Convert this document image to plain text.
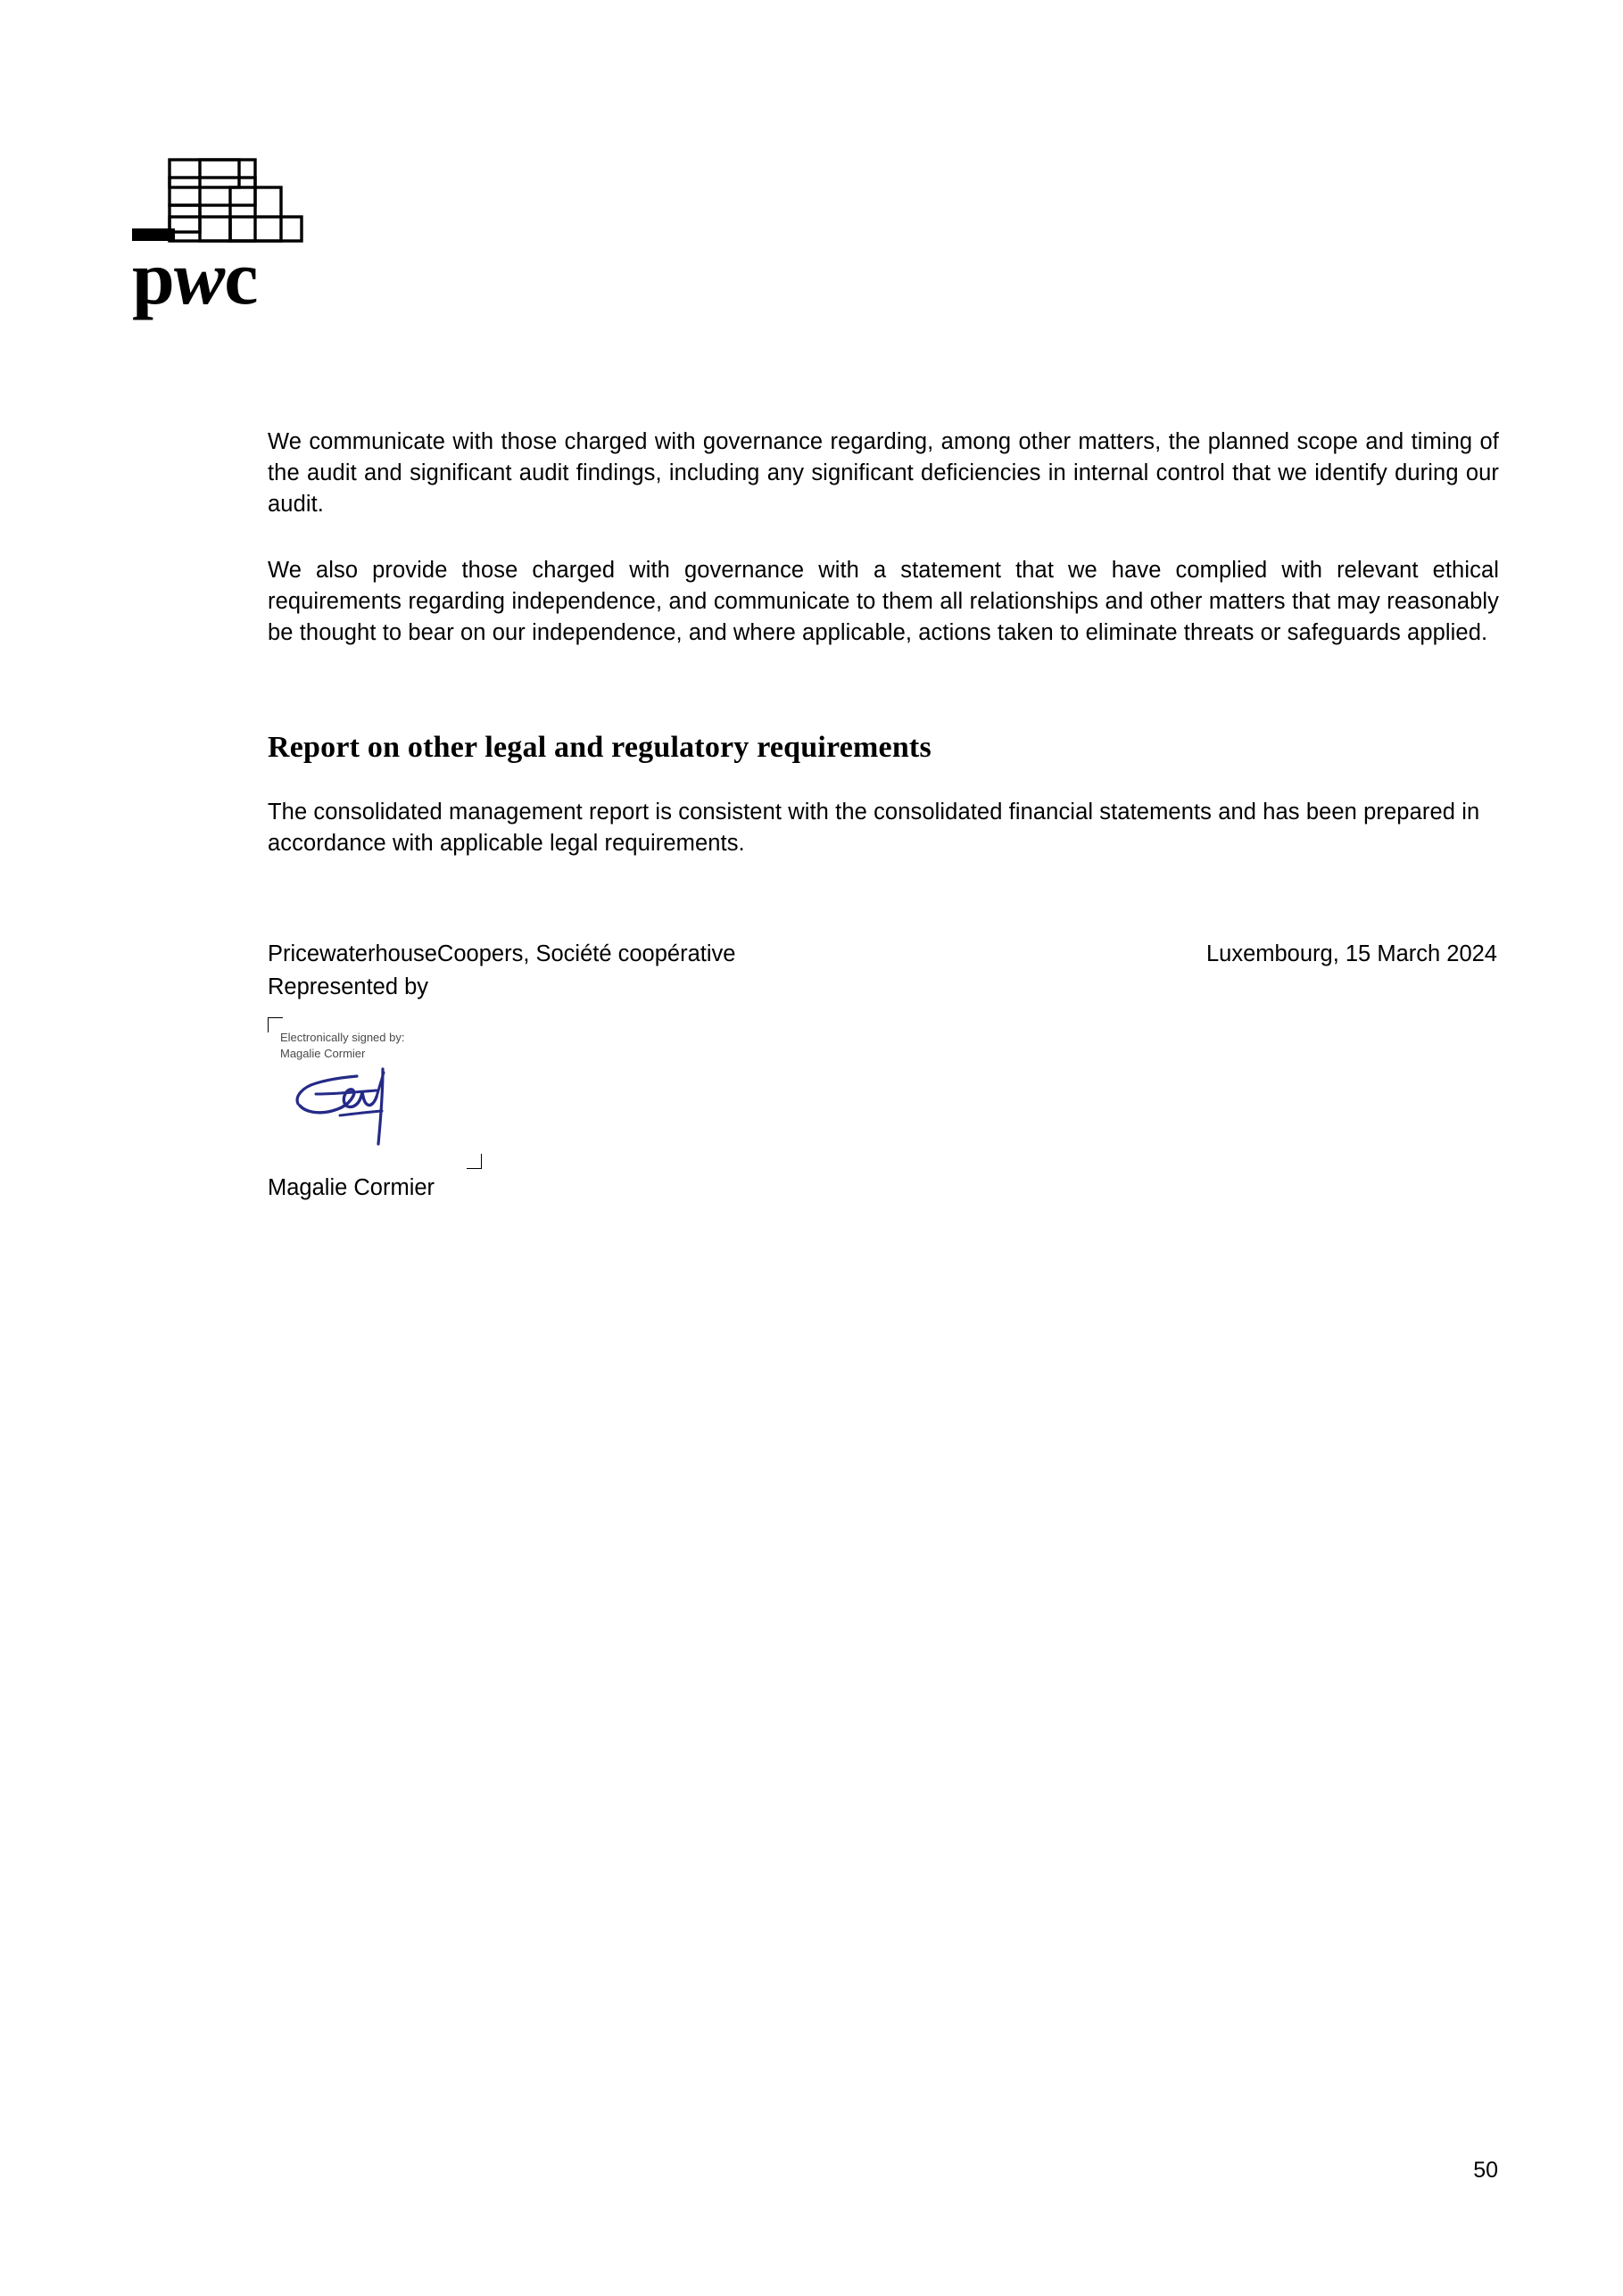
pwc

We communicate with those charged with governance regarding, among other matters, the planned scope and timing of the audit and significant audit findings, including any significant deficiencies in internal control that we identify during our audit.

We also provide those charged with governance with a statement that we have complied with relevant ethical requirements regarding independence, and communicate to them all relationships and other matters that may reasonably be thought to bear on our independence, and where applicable, actions taken to eliminate threats or safeguards applied.

Report on other legal and regulatory requirements

The consolidated management report is consistent with the consolidated financial statements and has been prepared in accordance with applicable legal requirements.

PricewaterhouseCoopers, Société coopérative	Luxembourg, 15 March 2024
Represented by
Electronically signed by:
Magalie Cormier
Magalie Cormier
50
